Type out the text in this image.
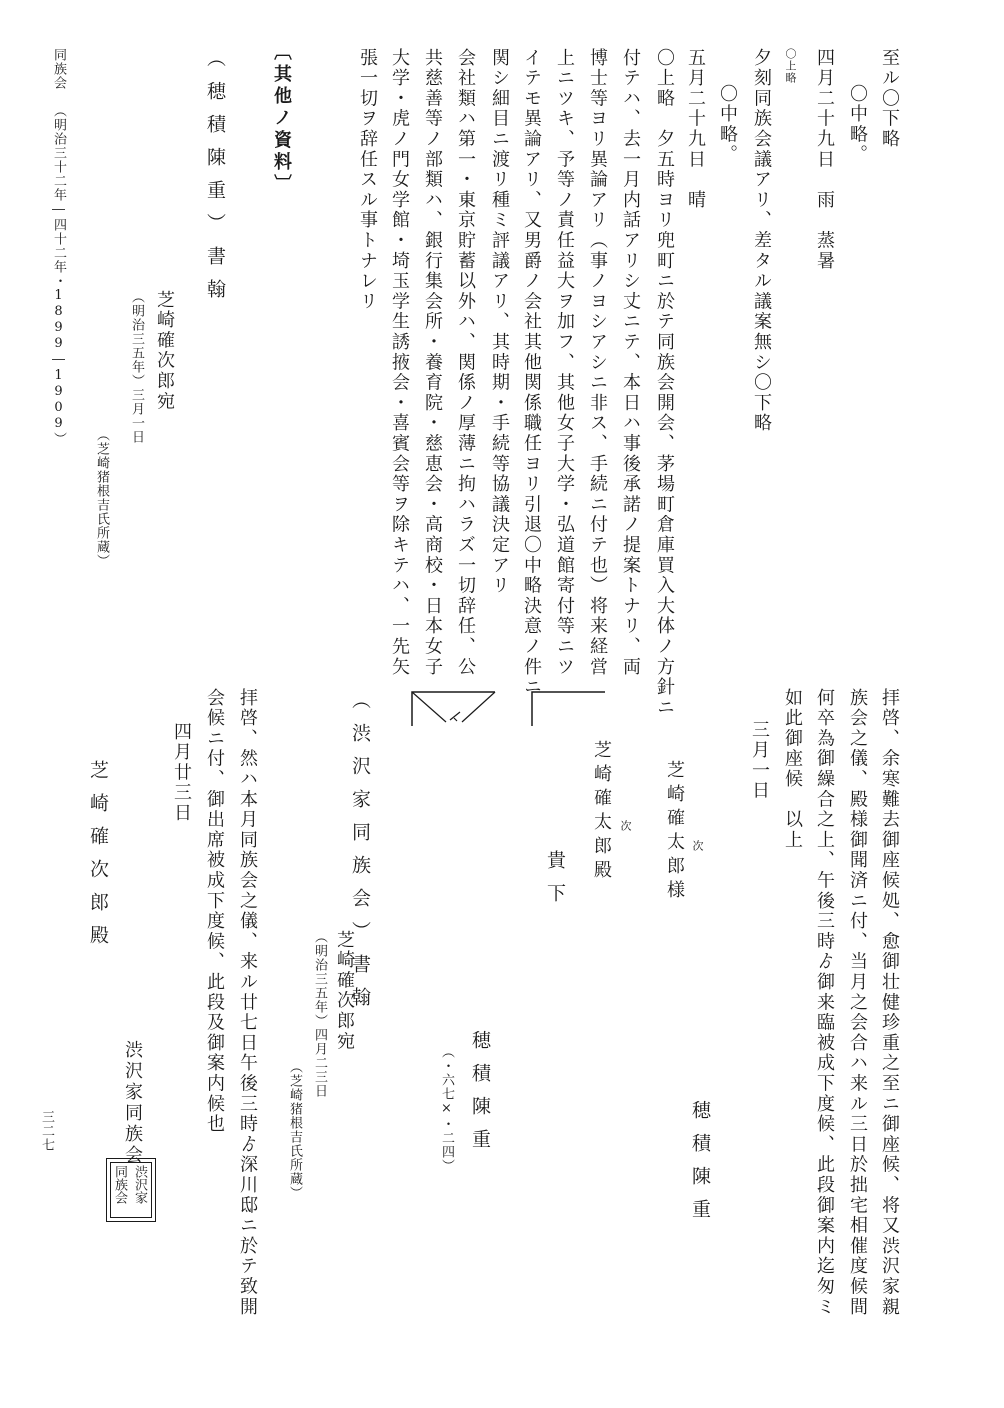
同族会（明治三十二年―四十二年・1899―1909）
至ル〇下略
〇中略。
四月二十九日　雨　蒸暑
〇上略
夕刻同族会議アリ、差タル議案無シ〇下略
〇中略。
五月二十九日　晴
〇上略　夕五時ヨリ兜町ニ於テ同族会開会、茅場町倉庫買入大体ノ方針ニ
付テハ、去一月内話アリシ丈ニテ、本日ハ事後承諾ノ提案トナリ、両
博士等ヨリ異論アリ（事ノヨシアシニ非ス、手続ニ付テ也）将来経営
上ニツキ、予等ノ責任益大ヲ加フ、其他女子大学・弘道館寄付等ニツ
イテモ異論アリ、又男爵ノ会社其他関係職任ヨリ引退〇中略決意ノ件ニ
関シ細目ニ渡リ種ミ評議アリ、其時期・手続等協議決定アリ
会社類ハ第一・東京貯蓄以外ハ、関係ノ厚薄ニ拘ハラズ一切辞任、公
共慈善等ノ部類ハ、銀行集会所・養育院・慈恵会・高商校・日本女子
大学・虎ノ門女学館・埼玉学生誘掖会・喜賓会等ヲ除キテハ、一先矢
張一切ヲ辞任スル事トナレリ
〔其他ノ資料〕
（穂積陳重）書翰
芝崎確次郎宛
（明治三五年）三月一日
（芝崎猪根吉氏所蔵）
拝啓、余寒難去御座候処、愈御壮健珍重之至ニ御座候、将又渋沢家親
族会之儀、殿様御聞済ニ付、当月之会合ハ来ル三日於拙宅相催度候間
何卒為御繰合之上、午後三時ゟ御来臨被成下度候、此段御案内迄匆ミ
如此御座候　以上
三月一日
穂積陳重
芝崎確太郎様 次
芝崎確太郎殿 次
貴下
穂積陳重
（・六七×・二四）
（渋沢家同族会）書翰
芝崎確次郎宛
（明治三五年）四月二三日
（芝崎猪根吉氏所蔵）
拝啓、然ハ本月同族会之儀、来ル廿七日午後三時ゟ深川邸ニ於テ致開
会候ニ付、御出席被成下度候、此段及御案内候也
四月廿三日
芝崎確次郎殿
渋沢家同族会
渋沢家
同族会
三二七
